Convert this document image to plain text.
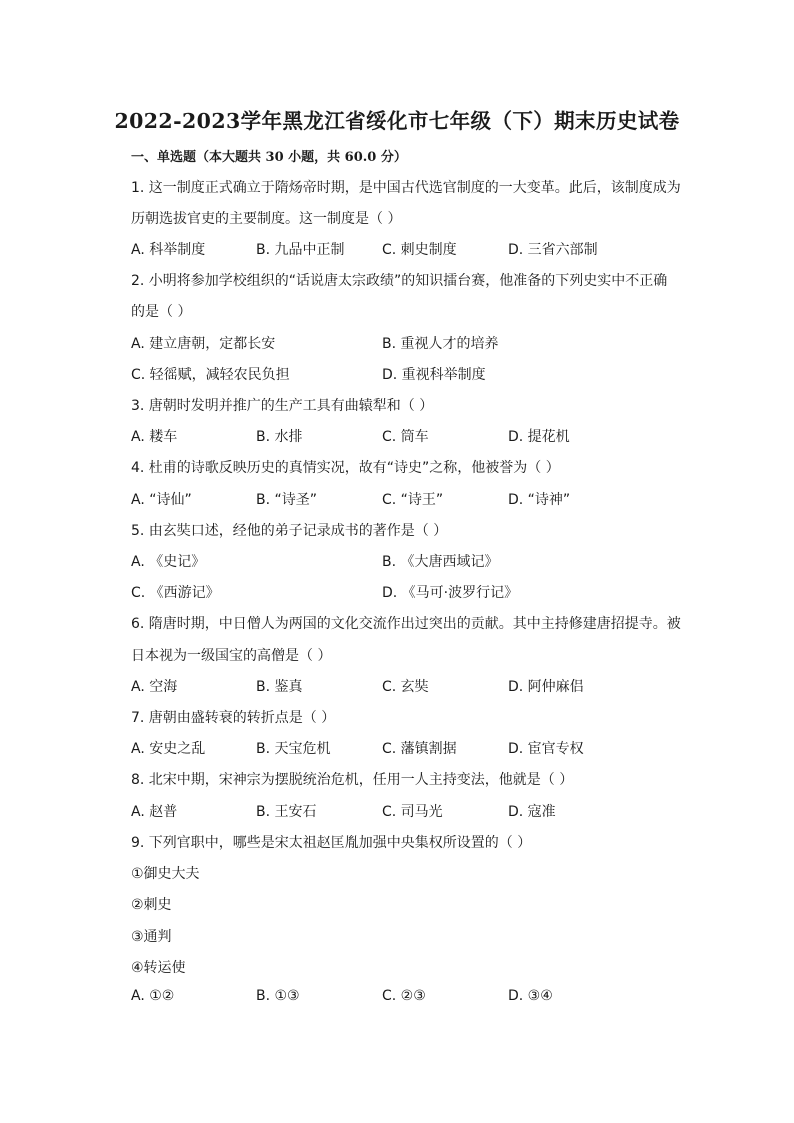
2022-2023学年黑龙江省绥化市七年级（下）期末历史试卷
一、单选题（本大题共 30 小题，共 60.0 分）
1. 这一制度正式确立于隋炀帝时期，是中国古代选官制度的一大变革。此后，该制度成为
历朝选拔官吏的主要制度。这一制度是（ ）
A. 科举制度	B. 九品中正制	C. 刺史制度	D. 三省六部制
2. 小明将参加学校组织的“话说唐太宗政绩”的知识擂台赛，他准备的下列史实中不正确
的是（ ）
A. 建立唐朝，定都长安	B. 重视人才的培养
C. 轻徭赋，减轻农民负担	D. 重视科举制度
3. 唐朝时发明并推广的生产工具有曲辕犁和（ ）
A. 耧车	B. 水排	C. 筒车	D. 提花机
4. 杜甫的诗歌反映历史的真情实况，故有“诗史”之称，他被誉为（ ）
A. “诗仙”	B. “诗圣”	C. “诗王”	D. “诗神”
5. 由玄奘口述，经他的弟子记录成书的著作是（ ）
A. 《史记》	B. 《大唐西域记》
C. 《西游记》	D. 《马可·波罗行记》
6. 隋唐时期，中日僧人为两国的文化交流作出过突出的贡献。其中主持修建唐招提寺。被
日本视为一级国宝的高僧是（ ）
A. 空海	B. 鉴真	C. 玄奘	D. 阿仲麻侣
7. 唐朝由盛转衰的转折点是（ ）
A. 安史之乱	B. 天宝危机	C. 藩镇割据	D. 宦官专权
8. 北宋中期，宋神宗为摆脱统治危机，任用一人主持变法，他就是（ ）
A. 赵普	B. 王安石	C. 司马光	D. 寇准
9. 下列官职中，哪些是宋太祖赵匡胤加强中央集权所设置的（ ）
①御史大夫
②刺史
③通判
④转运使
A. ①②	B. ①③	C. ②③	D. ③④
